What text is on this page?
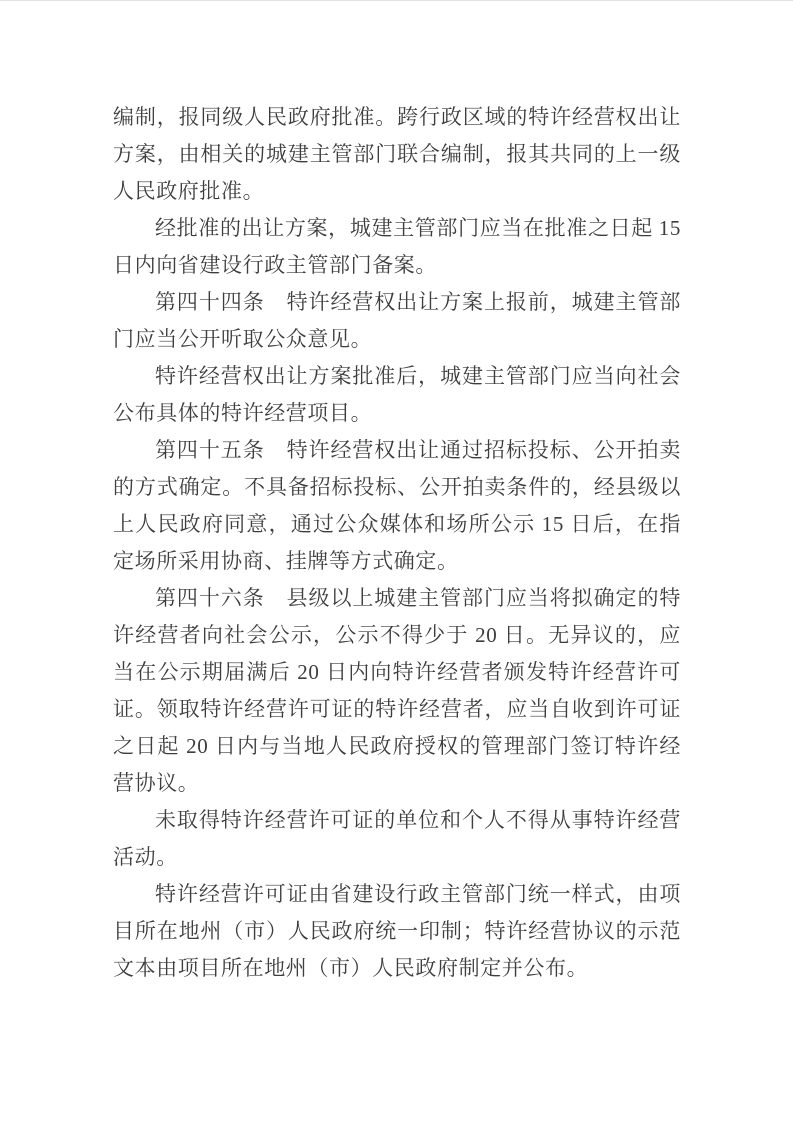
编制，报同级人民政府批准。跨行政区域的特许经营权出让方案，由相关的城建主管部门联合编制，报其共同的上一级人民政府批准。

经批准的出让方案，城建主管部门应当在批准之日起 15 日内向省建设行政主管部门备案。

第四十四条　特许经营权出让方案上报前，城建主管部门应当公开听取公众意见。

特许经营权出让方案批准后，城建主管部门应当向社会公布具体的特许经营项目。

第四十五条　特许经营权出让通过招标投标、公开拍卖的方式确定。不具备招标投标、公开拍卖条件的，经县级以上人民政府同意，通过公众媒体和场所公示 15 日后，在指定场所采用协商、挂牌等方式确定。

第四十六条　县级以上城建主管部门应当将拟确定的特许经营者向社会公示，公示不得少于 20 日。无异议的，应当在公示期届满后 20 日内向特许经营者颁发特许经营许可证。领取特许经营许可证的特许经营者，应当自收到许可证之日起 20 日内与当地人民政府授权的管理部门签订特许经营协议。

未取得特许经营许可证的单位和个人不得从事特许经营活动。

特许经营许可证由省建设行政主管部门统一样式，由项目所在地州（市）人民政府统一印制；特许经营协议的示范文本由项目所在地州（市）人民政府制定并公布。
